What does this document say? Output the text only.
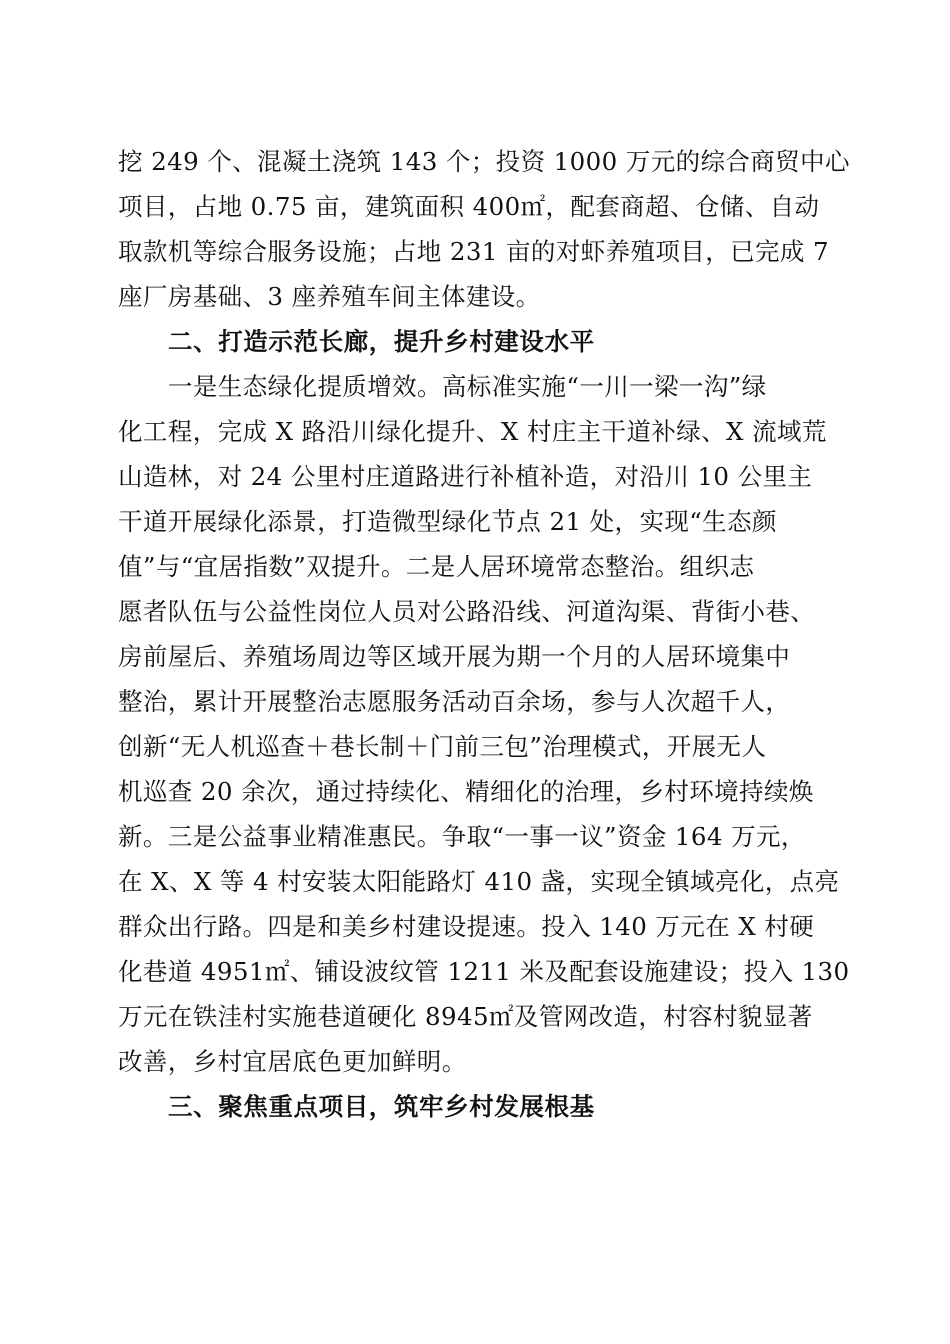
挖 249 个、混凝土浇筑 143 个；投资 1000 万元的综合商贸中心
项目，占地 0.75 亩，建筑面积 400㎡，配套商超、仓储、自动
取款机等综合服务设施；占地 231 亩的对虾养殖项目，已完成 7
座厂房基础、3 座养殖车间主体建设。
二、打造示范长廊，提升乡村建设水平
一是生态绿化提质增效。高标准实施“一川一梁一沟”绿
化工程，完成 X 路沿川绿化提升、X 村庄主干道补绿、X 流域荒
山造林，对 24 公里村庄道路进行补植补造，对沿川 10 公里主
干道开展绿化添景，打造微型绿化节点 21 处，实现“生态颜
值”与“宜居指数”双提升。二是人居环境常态整治。组织志
愿者队伍与公益性岗位人员对公路沿线、河道沟渠、背街小巷、
房前屋后、养殖场周边等区域开展为期一个月的人居环境集中
整治，累计开展整治志愿服务活动百余场，参与人次超千人，
创新“无人机巡查＋巷长制＋门前三包”治理模式，开展无人
机巡查 20 余次，通过持续化、精细化的治理，乡村环境持续焕
新。三是公益事业精准惠民。争取“一事一议”资金 164 万元，
在 X、X 等 4 村安装太阳能路灯 410 盏，实现全镇域亮化，点亮
群众出行路。四是和美乡村建设提速。投入 140 万元在 X 村硬
化巷道 4951㎡、铺设波纹管 1211 米及配套设施建设；投入 130
万元在铁洼村实施巷道硬化 8945㎡及管网改造，村容村貌显著
改善，乡村宜居底色更加鲜明。
三、聚焦重点项目，筑牢乡村发展根基
